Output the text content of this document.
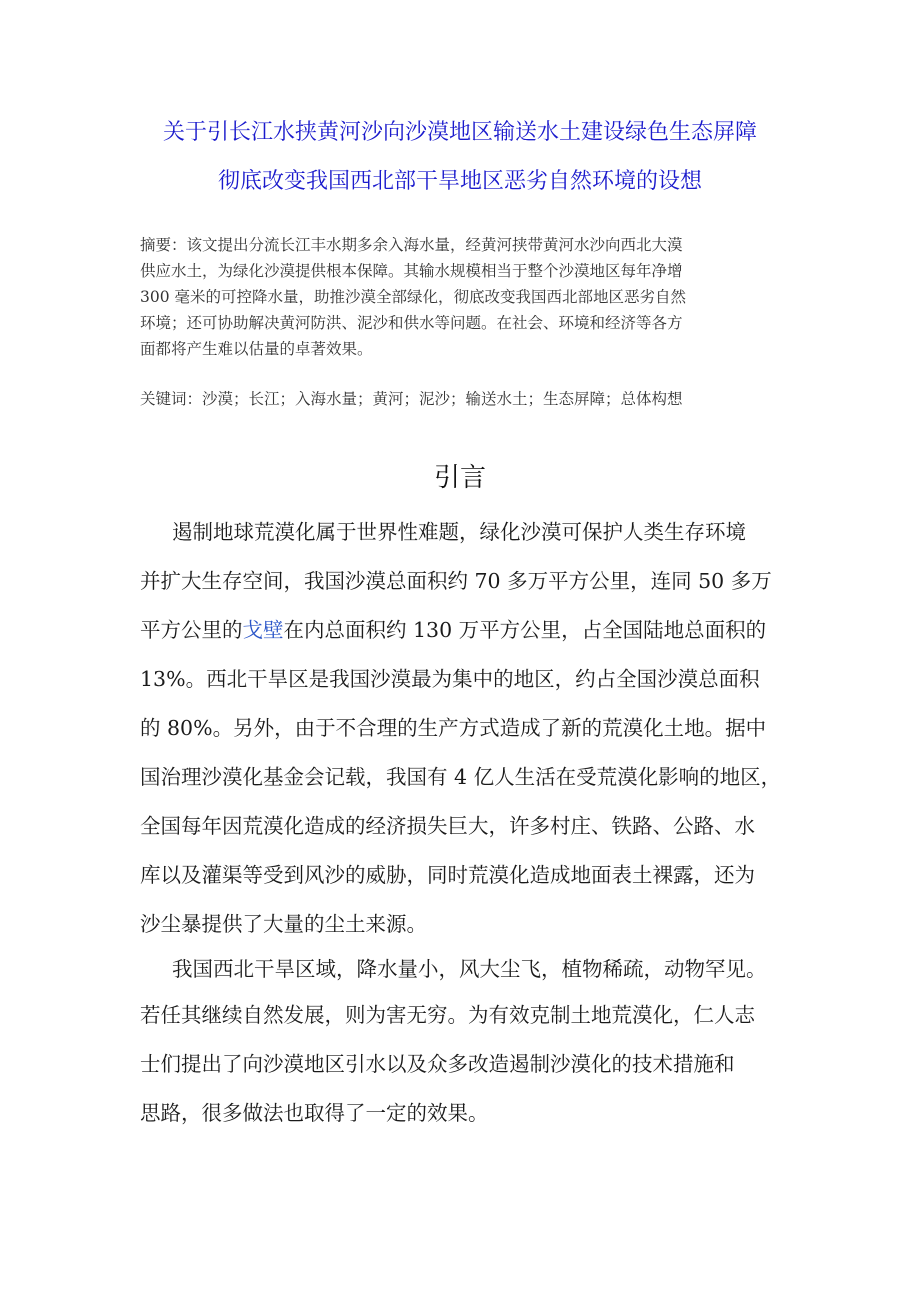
关于引长江水挟黄河沙向沙漠地区输送水土建设绿色生态屏障
彻底改变我国西北部干旱地区恶劣自然环境的设想
摘要：该文提出分流长江丰水期多余入海水量，经黄河挟带黄河水沙向西北大漠
供应水土，为绿化沙漠提供根本保障。其输水规模相当于整个沙漠地区每年净增
300 毫米的可控降水量，助推沙漠全部绿化，彻底改变我国西北部地区恶劣自然
环境；还可协助解决黄河防洪、泥沙和供水等问题。在社会、环境和经济等各方
面都将产生难以估量的卓著效果。
关键词：沙漠；长江；入海水量；黄河；泥沙；输送水土；生态屏障；总体构想
引言
遏制地球荒漠化属于世界性难题，绿化沙漠可保护人类生存环境
并扩大生存空间，我国沙漠总面积约 70 多万平方公里，连同 50 多万
平方公里的戈壁在内总面积约 130 万平方公里，占全国陆地总面积的
13%。西北干旱区是我国沙漠最为集中的地区，约占全国沙漠总面积
的 80%。另外，由于不合理的生产方式造成了新的荒漠化土地。据中
国治理沙漠化基金会记载，我国有 4 亿人生活在受荒漠化影响的地区，
全国每年因荒漠化造成的经济损失巨大，许多村庄、铁路、公路、水
库以及灌渠等受到风沙的威胁，同时荒漠化造成地面表土裸露，还为
沙尘暴提供了大量的尘土来源。
我国西北干旱区域，降水量小，风大尘飞，植物稀疏，动物罕见。
若任其继续自然发展，则为害无穷。为有效克制土地荒漠化，仁人志
士们提出了向沙漠地区引水以及众多改造遏制沙漠化的技术措施和
思路，很多做法也取得了一定的效果。
